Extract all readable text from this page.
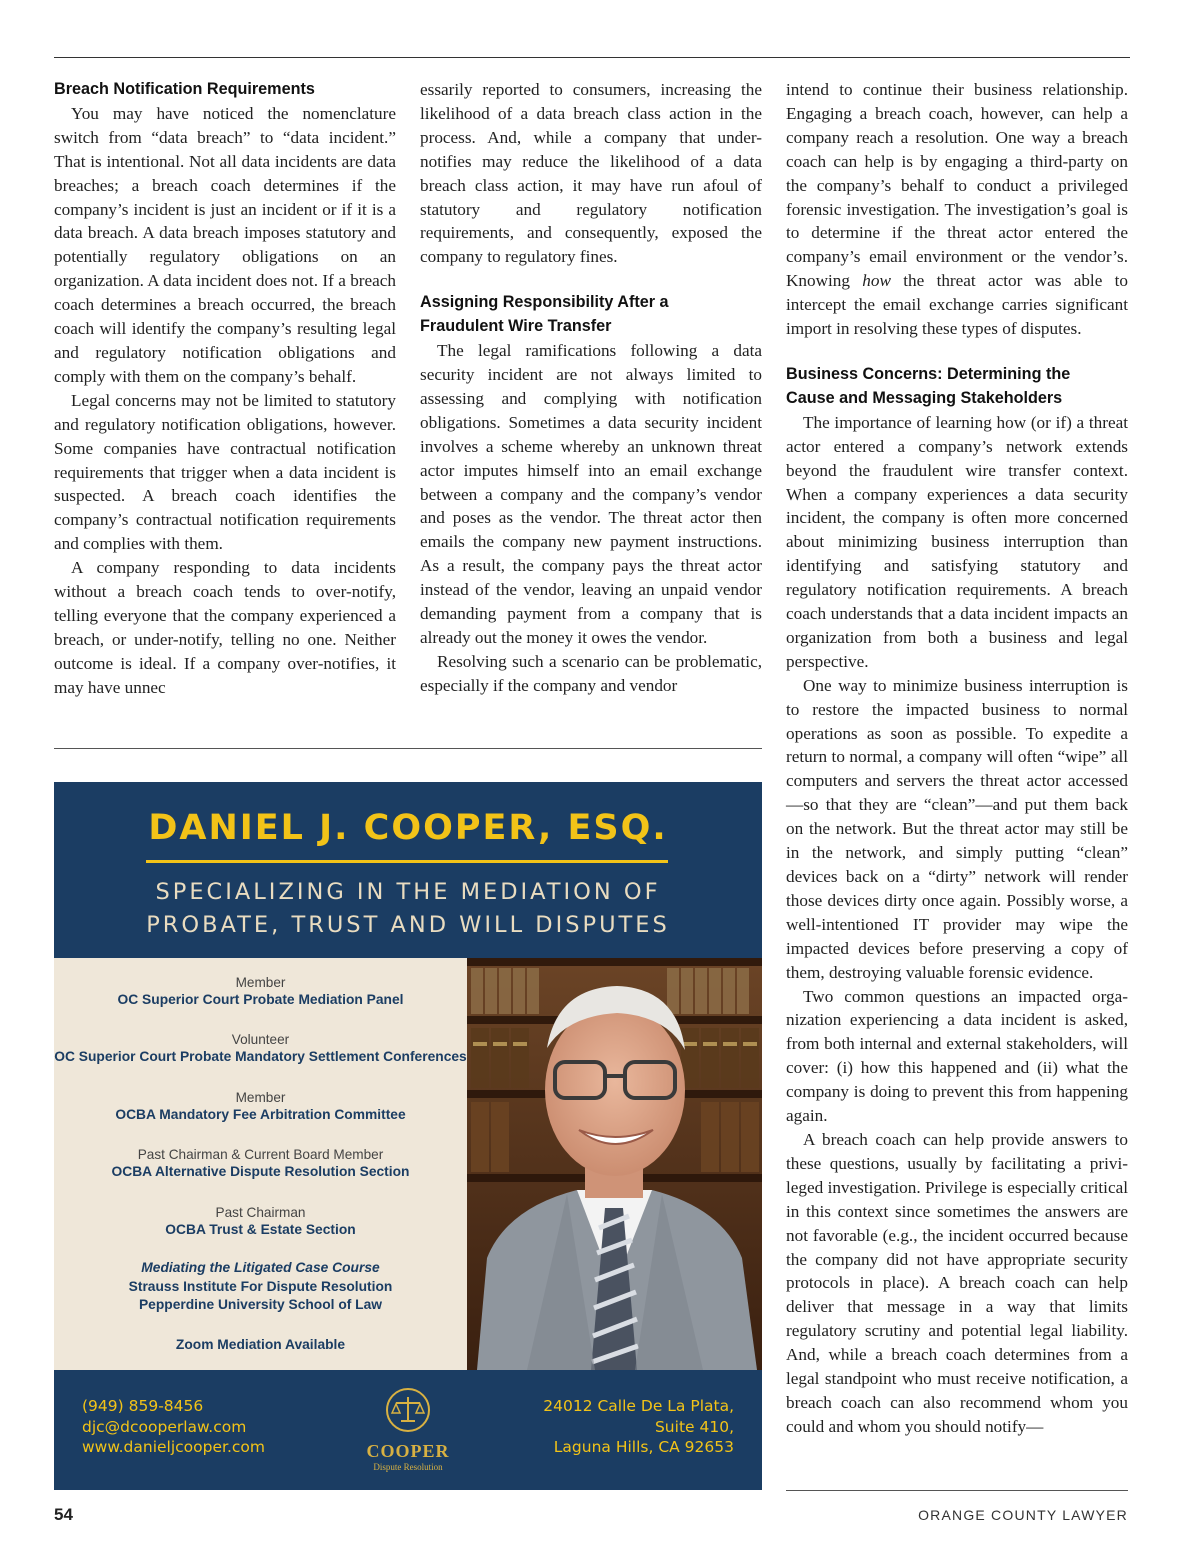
Breach Notification Requirements

You may have noticed the nomenclature switch from “data breach” to “data incident.” That is intentional. Not all data incidents are data breaches; a breach coach determines if the company’s incident is just an incident or if it is a data breach. A data breach imposes statutory and potentially regulatory obligations on an organization. A data incident does not. If a breach coach determines a breach occurred, the breach coach will identify the company’s resulting legal and regulatory notification obligations and comply with them on the company’s behalf.

Legal concerns may not be limited to statutory and regulatory notification obligations, however. Some companies have contractual notification requirements that trigger when a data incident is suspected. A breach coach identifies the company’s contractual notification requirements and complies with them.

A company responding to data incidents without a breach coach tends to over-notify, telling everyone that the company experienced a breach, or under-notify, telling no one. Neither outcome is ideal. If a company over-notifies, it may have unnec

essarily reported to consumers, increasing the likelihood of a data breach class action in the process. And, while a company that under-notifies may reduce the likelihood of a data breach class action, it may have run afoul of statutory and regulatory notification requirements, and consequently, exposed the company to regulatory fines.

Assigning Responsibility After a
Fraudulent Wire Transfer

The legal ramifications following a data security incident are not always limited to assessing and complying with notification obligations. Sometimes a data security incident involves a scheme whereby an unknown threat actor imputes himself into an email exchange between a company and the company’s vendor and poses as the vendor. The threat actor then emails the company new payment instructions. As a result, the company pays the threat actor instead of the vendor, leaving an unpaid vendor demanding payment from a company that is already out the money it owes the vendor.

Resolving such a scenario can be problematic, especially if the company and vendor

intend to continue their business relationship. Engaging a breach coach, however, can help a company reach a resolution. One way a breach coach can help is by engaging a third-party on the company’s behalf to conduct a privileged forensic investigation. The investigation’s goal is to determine if the threat actor entered the company’s email environment or the vendor’s. Knowing how the threat actor was able to intercept the email exchange carries significant import in resolving these types of disputes.

Business Concerns: Determining the
Cause and Messaging Stakeholders

The importance of learning how (or if) a threat actor entered a company’s network extends beyond the fraudulent wire transfer context. When a company experiences a data security incident, the company is often more concerned about minimizing business interruption than identifying and satisfying statutory and regulatory notification requirements. A breach coach understands that a data incident impacts an organization from both a business and legal perspective.

One way to minimize business interruption is to restore the impacted business to normal operations as soon as possible. To expedite a return to normal, a company will often “wipe” all computers and servers the threat actor accessed—so that they are “clean”—and put them back on the network. But the threat actor may still be in the network, and simply putting “clean” devices back on a “dirty” network will render those devices dirty once again. Possibly worse, a well-intentioned IT provider may wipe the impacted devices before preserving a copy of them, destroying valuable forensic evidence.

Two common questions an impacted organization experiencing a data incident is asked, from both internal and external stakeholders, will cover: (i) how this happened and (ii) what the company is doing to prevent this from happening again.

A breach coach can help provide answers to these questions, usually by facilitating a privileged investigation. Privilege is especially critical in this context since sometimes the answers are not favorable (e.g., the incident occurred because the company did not have appropriate security protocols in place). A breach coach can help deliver that message in a way that limits regulatory scrutiny and potential legal liability. And, while a breach coach determines from a legal standpoint who must receive notification, a breach coach can also recommend whom you could and whom you should notify—

DANIEL J. COOPER, ESQ.
SPECIALIZING IN THE MEDIATION OF
PROBATE, TRUST AND WILL DISPUTES
Member
OC Superior Court Probate Mediation Panel
Volunteer
OC Superior Court Probate Mandatory Settlement Conferences
Member
OCBA Mandatory Fee Arbitration Committee
Past Chairman & Current Board Member
OCBA Alternative Dispute Resolution Section
Past Chairman
OCBA Trust & Estate Section
Mediating the Litigated Case Course
Strauss Institute For Dispute Resolution
Pepperdine University School of Law
Zoom Mediation Available
(949) 859-8456
djc@dcooperlaw.com
www.danieljcooper.com	COOPER
Dispute Resolution
24012 Calle De La Plata,
Suite 410,
Laguna Hills, CA 92653
54	ORANGE COUNTY LAWYER
